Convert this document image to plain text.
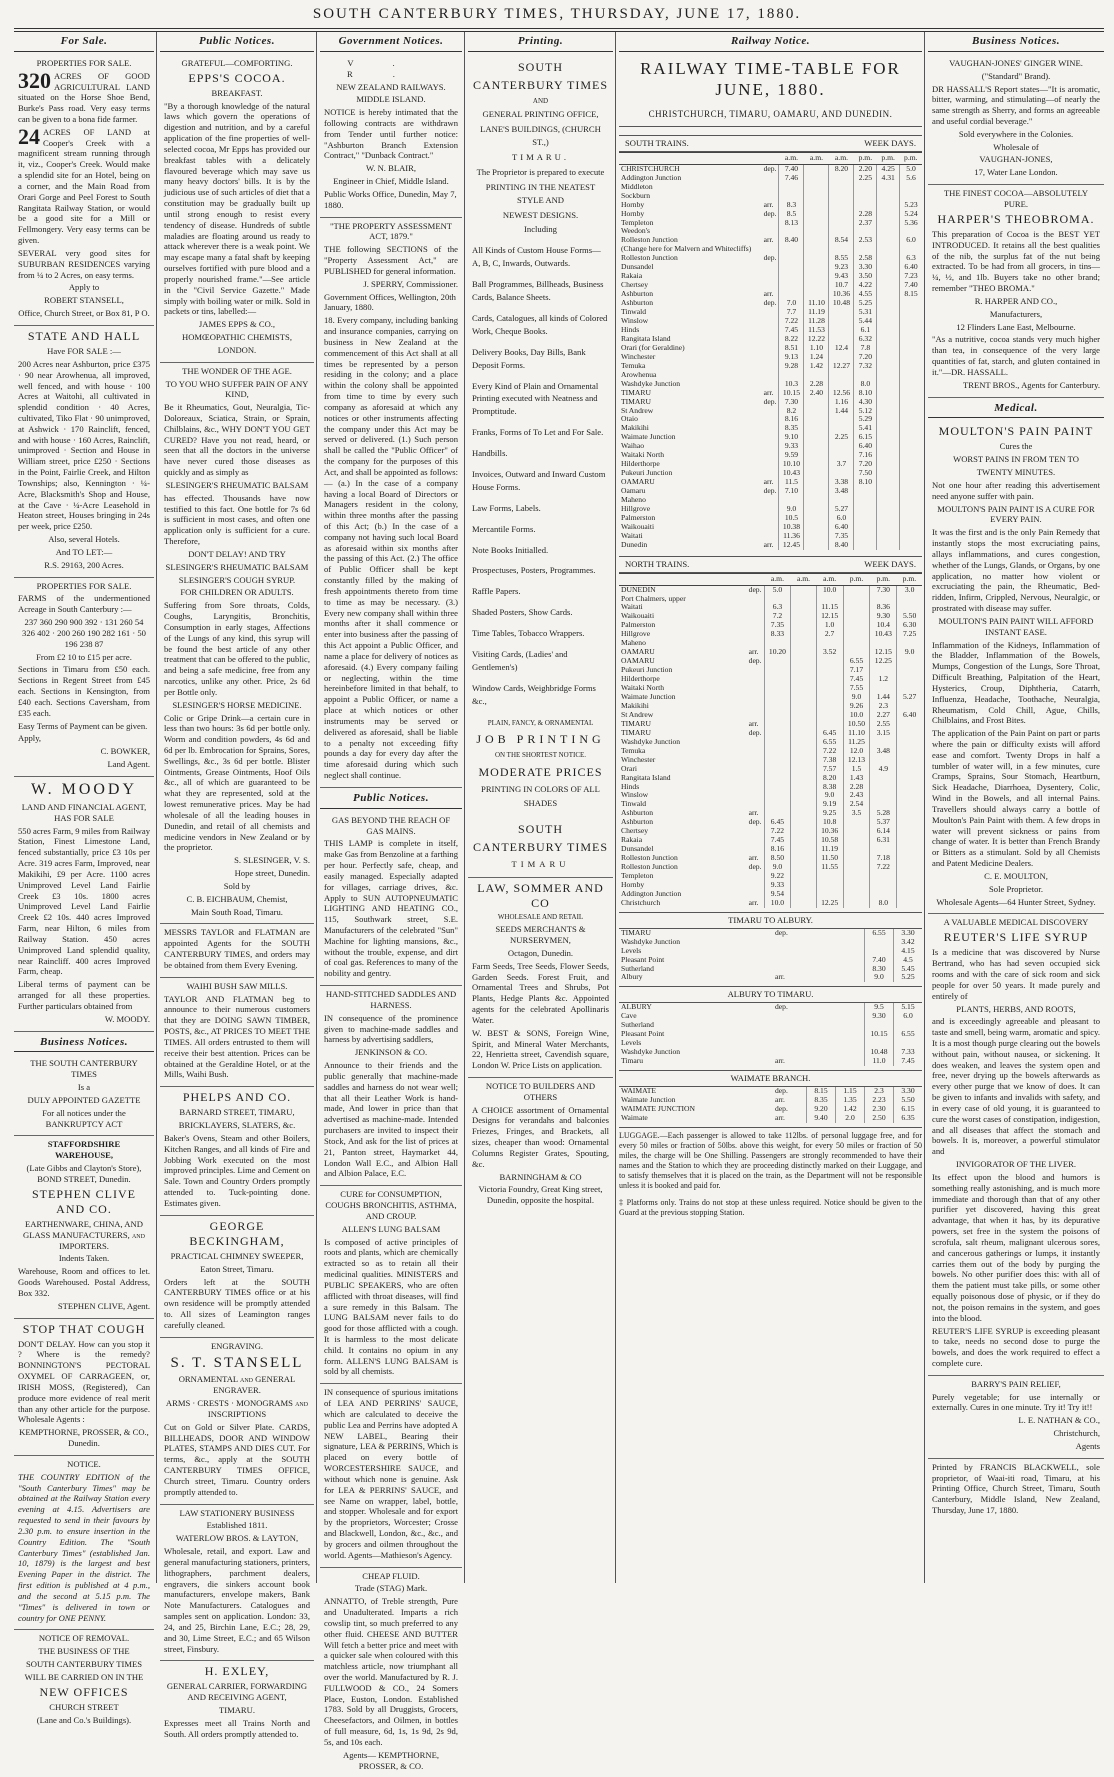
SOUTH CANTERBURY TIMES, THURSDAY, JUNE 17, 1880.
For Sale.

PROPERTIES FOR SALE.

320 ACRES OF GOOD AGRICULTURAL LAND situated on the Horse Shoe Bend, Burke's Pass road. Very easy terms can be given to a bona fide farmer.

24 ACRES OF LAND at Cooper's Creek with a magnificent stream running through it, viz., Cooper's Creek. Would make a splendid site for an Hotel, being on a corner, and the Main Road from Orari Gorge and Peel Forest to South Rangitata Railway Station, or would be a good site for a Mill or Fellmongery. Very easy terms can be given.

SEVERAL very good sites for SUBURBAN RESIDENCES varying from ¼ to 2 Acres, on easy terms.

Apply to

ROBERT STANSELL,

Office, Church Street, or Box 81, P O.

STATE AND HALL

Have FOR SALE :—

200 Acres near Ashburton, price £375 · 90 near Arowhenua, all improved, well fenced, and with house · 100 Acres at Waitohi, all cultivated in splendid condition · 40 Acres, cultivated, Tiko Flat · 90 unimproved, at Ashwick · 170 Rainclift, fenced, and with house · 160 Acres, Rainclift, unimproved · Section and House in William street, price £250 · Sections in the Point, Fairlie Creek, and Hilton Townships; also, Kennington · ¼-Acre, Blacksmith's Shop and House, at the Cave · ¼-Acre Leasehold in Heaton street, Houses bringing in 24s per week, price £250.

Also, several Hotels.

And TO LET:—

R.S. 29163, 200 Acres.

PROPERTIES FOR SALE.

FARMS of the undermentioned Acreage in South Canterbury :—

237 360 290 900 392 · 131 260 54 326 402 · 200 260 190 282 161 · 50 196 238 87

From £2 10 to £15 per acre.

Sections in Timaru from £50 each. Sections in Regent Street from £45 each. Sections in Kensington, from £40 each. Sections Caversham, from £35 each.

Easy Terms of Payment can be given.

Apply,

C. BOWKER,

Land Agent.

W. MOODY

LAND AND FINANCIAL AGENT, HAS FOR SALE

550 acres Farm, 9 miles from Railway Station, Finest Limestone Land, fenced substantially, price £3 10s per Acre. 319 acres Farm, Improved, near Makikihi, £9 per Acre. 1100 acres Unimproved Level Land Fairlie Creek £3 10s. 1800 acres Unimproved Level Land Fairlie Creek £2 10s. 440 acres Improved Farm, near Hilton, 6 miles from Railway Station. 450 acres Unimproved Land splendid quality, near Raincliff. 400 acres Improved Farm, cheap.

Liberal terms of payment can be arranged for all these properties. Further particulars obtained from

W. MOODY.

Business Notices.

THE SOUTH CANTERBURY TIMES

Is a

DULY APPOINTED GAZETTE

For all notices under the BANKRUPTCY ACT

STAFFORDSHIRE WAREHOUSE,

(Late Gibbs and Clayton's Store), BOND STREET, Dunedin.

STEPHEN CLIVE AND CO.

EARTHENWARE, CHINA, AND GLASS MANUFACTURERS, and IMPORTERS.

Indents Taken.

Warehouse, Room and offices to let. Goods Warehoused. Postal Address, Box 332.

STEPHEN CLIVE, Agent.

STOP THAT COUGH

DON'T DELAY. How can you stop it ? Where is the remedy? BONNINGTON'S PECTORAL OXYMEL OF CARRAGEEN, or, IRISH MOSS, (Registered), Can produce more evidence of real merit than any other article for the purpose. Wholesale Agents :

KEMPTHORNE, PROSSER, & CO., Dunedin.

NOTICE.

THE COUNTRY EDITION of the "South Canterbury Times" may be obtained at the Railway Station every evening at 4.15. Advertisers are requested to send in their favours by 2.30 p.m. to ensure insertion in the Country Edition. The "South Canterbury Times" (established Jan. 10, 1879) is the largest and best Evening Paper in the district. The first edition is published at 4 p.m., and the second at 5.15 p.m. The "Times" is delivered in town or country for ONE PENNY.

NOTICE OF REMOVAL.

THE BUSINESS OF THE

SOUTH CANTERBURY TIMES

WILL BE CARRIED ON IN THE

NEW OFFICES

CHURCH STREET

(Lane and Co.'s Buildings).

Public Notices.

GRATEFUL—COMFORTING.

EPPS'S COCOA.

BREAKFAST.

"By a thorough knowledge of the natural laws which govern the operations of digestion and nutrition, and by a careful application of the fine properties of well-selected cocoa, Mr Epps has provided our breakfast tables with a delicately flavoured beverage which may save us many heavy doctors' bills. It is by the judicious use of such articles of diet that a constitution may be gradually built up until strong enough to resist every tendency of disease. Hundreds of subtle maladies are floating around us ready to attack wherever there is a weak point. We may escape many a fatal shaft by keeping ourselves fortified with pure blood and a properly nourished frame."—See article in the "Civil Service Gazette." Made simply with boiling water or milk. Sold in packets or tins, labelled:—

JAMES EPPS & CO.,

HOMŒOPATHIC CHEMISTS,

LONDON.

THE WONDER OF THE AGE.

TO YOU WHO SUFFER PAIN OF ANY KIND,

Be it Rheumatics, Gout, Neuralgia, Tic-Doloreaux, Sciatica, Strain, or Sprain, Chilblains, &c., WHY DON'T YOU GET CURED? Have you not read, heard, or seen that all the doctors in the universe have never cured those diseases as quickly and as simply as

SLESINGER'S RHEUMATIC BALSAM

has effected. Thousands have now testified to this fact. One bottle for 7s 6d is sufficient in most cases, and often one application only is sufficient for a cure. Therefore,

DON'T DELAY! AND TRY

SLESINGER'S RHEUMATIC BALSAM

SLESINGER'S COUGH SYRUP.

FOR CHILDREN OR ADULTS.

Suffering from Sore throats, Colds, Coughs, Laryngitis, Bronchitis, Consumption in early stages, Affections of the Lungs of any kind, this syrup will be found the best article of any other treatment that can be offered to the public, and being a safe medicine, free from any narcotics, unlike any other. Price, 2s 6d per Bottle only.

SLESINGER'S HORSE MEDICINE.

Colic or Gripe Drink—a certain cure in less than two hours: 3s 6d per bottle only. Worm and condition powders, 4s 6d and 6d per lb. Embrocation for Sprains, Sores, Swellings, &c., 3s 6d per bottle. Blister Ointments, Grease Ointments, Hoof Oils &c., all of which are guaranteed to be what they are represented, sold at the lowest remunerative prices. May be had wholesale of all the leading houses in Dunedin, and retail of all chemists and medicine vendors in New Zealand or by the proprietor.

S. SLESINGER, V. S.

Hope street, Dunedin.

Sold by

C. B. EICHBAUM, Chemist,

Main South Road, Timaru.

MESSRS TAYLOR and FLATMAN are appointed Agents for the SOUTH CANTERBURY TIMES, and orders may be obtained from them Every Evening.

WAIHI BUSH SAW MILLS.

TAYLOR AND FLATMAN beg to announce to their numerous customers that they are DOING SAWN TIMBER, POSTS, &c., AT PRICES TO MEET THE TIMES. All orders entrusted to them will receive their best attention. Prices can be obtained at the Geraldine Hotel, or at the Mills, Waihi Bush.

PHELPS AND CO.

BARNARD STREET, TIMARU,

BRICKLAYERS, SLATERS, &c.

Baker's Ovens, Steam and other Boilers, Kitchen Ranges, and all kinds of Fire and Jobbing Work executed on the most improved principles. Lime and Cement on Sale. Town and Country Orders promptly attended to. Tuck-pointing done. Estimates given.

GEORGE BECKINGHAM,

PRACTICAL CHIMNEY SWEEPER,

Eaton Street, Timaru.

Orders left at the SOUTH CANTERBURY TIMES office or at his own residence will be promptly attended to. All sizes of Leamington ranges carefully cleaned.

ENGRAVING.

S. T. STANSELL

ORNAMENTAL and GENERAL ENGRAVER.

ARMS · CRESTS · MONOGRAMS and INSCRIPTIONS

Cut on Gold or Silver Plate. CARDS, BILLHEADS, DOOR AND WINDOW PLATES, STAMPS AND DIES CUT. For terms, &c., apply at the SOUTH CANTERBURY TIMES OFFICE, Church street, Timaru. Country orders promptly attended to.

LAW STATIONERY BUSINESS

Established 1811.

WATERLOW BROS. & LAYTON,

Wholesale, retail, and export. Law and general manufacturing stationers, printers, lithographers, parchment dealers, engravers, die sinkers account book manufacturers, envelope makers, Bank Note Manufacturers. Catalogues and samples sent on application. London: 33, 24, and 25, Birchin Lane, E.C.; 28, 29, and 30, Lime Street, E.C.; and 65 Wilson street, Finsbury.

H. EXLEY,

GENERAL CARRIER, FORWARDING AND RECEIVING AGENT,

TIMARU.

Expresses meet all Trains North and South. All orders promptly attended to.

Government Notices.

V. R.

NEW ZEALAND RAILWAYS.

MIDDLE ISLAND.

NOTICE is hereby intimated that the following contracts are withdrawn from Tender until further notice: "Ashburton Branch Extension Contract," "Dunback Contract."

W. N. BLAIR,

Engineer in Chief, Middle Island.

Public Works Office, Dunedin, May 7, 1880.

"THE PROPERTY ASSESSMENT ACT, 1879."

THE following SECTIONS of the "Property Assessment Act," are PUBLISHED for general information.

J. SPERRY, Commissioner.

Government Offices, Wellington, 20th January, 1880.

18. Every company, including banking and insurance companies, carrying on business in New Zealand at the commencement of this Act shall at all times be represented by a person residing in the colony; and a place within the colony shall be appointed from time to time by every such company as aforesaid at which any notices or other instruments affecting the company under this Act may be served or delivered. (1.) Such person shall be called the "Public Officer" of the company for the purposes of this Act, and shall be appointed as follows:— (a.) In the case of a company having a local Board of Directors or Managers resident in the colony, within three months after the passing of this Act; (b.) In the case of a company not having such local Board as aforesaid within six months after the passing of this Act. (2.) The office of Public Officer shall be kept constantly filled by the making of fresh appointments thereto from time to time as may be necessary. (3.) Every new company shall within three months after it shall commence or enter into business after the passing of this Act appoint a Public Officer, and name a place for delivery of notices as aforesaid. (4.) Every company failing or neglecting, within the time hereinbefore limited in that behalf, to appoint a Public Officer, or name a place at which notices or other instruments may be served or delivered as aforesaid, shall be liable to a penalty not exceeding fifty pounds a day for every day after the time aforesaid during which such neglect shall continue.

Public Notices.

GAS BEYOND THE REACH OF GAS MAINS.

THIS LAMP is complete in itself, make Gas from Benzoline at a farthing per hour. Perfectly safe, cheap, and easily managed. Especially adapted for villages, carriage drives, &c. Apply to SUN AUTOPNEUMATIC LIGHTING AND HEATING CO., 115, Southwark street, S.E. Manufacturers of the celebrated "Sun" Machine for lighting mansions, &c., without the trouble, expense, and dirt of coal gas. References to many of the nobility and gentry.

HAND-STITCHED SADDLES AND HARNESS.

IN consequence of the prominence given to machine-made saddles and harness by advertising saddlers,

JENKINSON & CO.

Announce to their friends and the public generally that machine-made saddles and harness do not wear well; that all their Leather Work is hand-made, And lower in price than that advertised as machine-made. Intended purchasers are invited to inspect their Stock, And ask for the list of prices at 21, Panton street, Haymarket 44, London Wall E.C., and Albion Hall and Albion Palace, E.C.

CURE for CONSUMPTION, COUGHS BRONCHITIS, ASTHMA, AND CROUP.

ALLEN'S LUNG BALSAM

Is composed of active principles of roots and plants, which are chemically extracted so as to retain all their medicinal qualities. MINISTERS and PUBLIC SPEAKERS, who are often afflicted with throat diseases, will find a sure remedy in this Balsam. The LUNG BALSAM never fails to do good for those afflicted with a cough. It is harmless to the most delicate child. It contains no opium in any form. ALLEN'S LUNG BALSAM is sold by all chemists.

IN consequence of spurious imitations of LEA AND PERRINS' SAUCE, which are calculated to deceive the public Lea and Perrins have adopted A NEW LABEL, Bearing their signature, LEA & PERRINS, Which is placed on every bottle of WORCESTERSHIRE SAUCE, and without which none is genuine. Ask for LEA & PERRINS' SAUCE, and see Name on wrapper, label, bottle, and stopper. Wholesale and for export by the proprietors, Worcester; Crosse and Blackwell, London, &c., &c., and by grocers and oilmen throughout the world. Agents—Mathieson's Agency.

CHEAP FLUID.

Trade (STAG) Mark.

ANNATTO, of Treble strength, Pure and Unadulterated. Imparts a rich cowslip tint, so much preferred to any other fluid. CHEESE AND BUTTER Will fetch a better price and meet with a quicker sale when coloured with this matchless article, now triumphant all over the world. Manufactured by R. J. FULLWOOD & CO., 24 Somers Place, Euston, London. Established 1783. Sold by all Druggists, Grocers, Cheesefactors, and Oilmen, in bottles of full measure, 6d, 1s, 1s 9d, 2s 9d, 5s, and 10s each.

Agents— KEMPTHORNE, PROSSER, & CO.

Printing.

SOUTH CANTERBURY TIMES

AND

GENERAL PRINTING OFFICE,

LANE'S BUILDINGS, (CHURCH ST.,)

TIMARU.

The Proprietor is prepared to execute

PRINTING IN THE NEATEST STYLE AND

NEWEST DESIGNS.

Including

All Kinds of Custom House Forms—A, B, C, Inwards, Outwards.

Ball Programmes, Billheads, Business Cards, Balance Sheets.

Cards, Catalogues, all kinds of Colored Work, Cheque Books.

Delivery Books, Day Bills, Bank Deposit Forms.

Every Kind of Plain and Ornamental Printing executed with Neatness and Promptitude.

Franks, Forms of To Let and For Sale.

Handbills.

Invoices, Outward and Inward Custom House Forms.

Law Forms, Labels.

Mercantile Forms.

Note Books Initialled.

Prospectuses, Posters, Programmes.

Raffle Papers.

Shaded Posters, Show Cards.

Time Tables, Tobacco Wrappers.

Visiting Cards, (Ladies' and Gentlemen's)

Window Cards, Weighbridge Forms &c.,

PLAIN, FANCY, & ORNAMENTAL

JOB PRINTING

ON THE SHORTEST NOTICE.

MODERATE PRICES

PRINTING IN COLORS OF ALL

SHADES

SOUTH CANTERBURY TIMES

TIMARU

LAW, SOMMER AND CO

WHOLESALE AND RETAIL

SEEDS MERCHANTS & NURSERYMEN,

Octagon, Dunedin.

Farm Seeds, Tree Seeds, Flower Seeds, Garden Seeds. Forest Fruit, and Ornamental Trees and Shrubs, Pot Plants, Hedge Plants &c. Appointed agents for the celebrated Apollinaris Water.

W. BEST & SONS, Foreign Wine, Spirit, and Mineral Water Merchants, 22, Henrietta street, Cavendish square, London W. Price Lists on application.

NOTICE TO BUILDERS AND OTHERS

A CHOICE assortment of Ornamental Designs for verandahs and balconies Friezes, Fringes, and Brackets, all sizes, cheaper than wood: Ornamental Columns Register Grates, Spouting, &c.

BARNINGHAM & CO

Victoria Foundry, Great King street, Dunedin, opposite the hospital.

Railway Notice.
RAILWAY TIME-TABLE FOR JUNE, 1880.
CHRISTCHURCH, TIMARU, OAMARU, AND DUNEDIN.
SOUTH TRAINS.	WEEK DAYS.
		a.m.	a.m.	a.m.	p.m.	p.m.	p.m.
CHRISTCHURCH	dep.	7.40		8.20	2.20	4.25	5.0
Addington Junction		7.46			2.25	4.31	5.6
Middleton							
Sockburn							
Hornby	arr.	8.3					5.23
Hornby	dep.	8.5			2.28		5.24
Templeton		8.13			2.37		5.36
Weedon's							
Rolleston Junction	arr.	8.40		8.54	2.53		6.0
(Change here for Malvern and Whitecliffs)							
Rolleston Junction	dep.			8.55	2.58		6.3
Dunsandel				9.23	3.30		6.40
Rakaia				9.43	3.50		7.23
Chertsey				10.7	4.22		7.40
Ashburton	arr.			10.36	4.55		8.15
Ashburton	dep.	7.0	11.10	10.48	5.25		
Tinwald		7.7	11.19		5.31		
Winslow		7.22	11.28		5.44		
Hinds		7.45	11.53		6.1		
Rangitata Island		8.22	12.22		6.32		
Orari (for Geraldine)		8.51	1.10	12.4	7.8		
Winchester		9.13	1.24		7.20		
Temuka		9.28	1.42	12.27	7.32		
Arowhenua							
Washdyke Junction		10.3	2.28		8.0		
TIMARU	arr.	10.15	2.40	12.56	8.10		
TIMARU	dep.	7.30		1.16	4.30		
St Andrew		8.2		1.44	5.12		
Otaio		8.16			5.29		
Makikihi		8.35			5.41		
Waimate Junction		9.10		2.25	6.15		
Waihao		9.33			6.40		
Waitaki North		9.59			7.16		
Hilderthorpe		10.10		3.7	7.20		
Pukeuri Junction		10.43			7.50		
OAMARU	arr.	11.5		3.38	8.10		
Oamaru	dep.	7.10		3.48			
Maheno							
Hillgrove		9.0		5.27			
Palmerston		10.5		6.0			
Waikouaiti		10.38		6.40			
Waitati		11.36		7.35			
Dunedin	arr.	12.45		8.40			
NORTH TRAINS.	WEEK DAYS.
		a.m.	a.m.	a.m.	p.m.	p.m.	p.m.
DUNEDIN	dep.	5.0		10.0		7.30	3.0
Port Chalmers, upper							
Waitati		6.3		11.15		8.36	
Waikouaiti		7.2		12.15		9.30	5.50
Palmerston		7.35		1.0		10.4	6.30
Hillgrove		8.33		2.7		10.43	7.25
Maheno							
OAMARU	arr.	10.20		3.52		12.15	9.0
OAMARU	dep.				6.55	12.25	
Pukeuri Junction					7.17		
Hilderthorpe					7.45	1.2	
Waitaki North					7.55		
Waimate Junction					9.0	1.44	5.27
Makikihi					9.26	2.3	
St Andrew					10.0	2.27	6.40
TIMARU	arr.				10.50	2.55	
TIMARU	dep.			6.45	11.10	3.15	
Washdyke Junction				6.55	11.25		
Temuka				7.22	12.0	3.48	
Winchester				7.38	12.13		
Orari				7.57	1.5	4.9	
Rangitata Island				8.20	1.43		
Hinds				8.38	2.28		
Winslow				9.0	2.43		
Tinwald				9.19	2.54		
Ashburton	arr.			9.25	3.5	5.28	
Ashburton	dep.	6.45		10.8		5.37	
Chertsey		7.22		10.36		6.14	
Rakaia		7.45		10.58		6.31	
Dunsandel		8.16		11.19			
Rolleston Junction	arr.	8.50		11.50		7.18	
Rolleston Junction	dep.	9.0		11.55		7.22	
Templeton		9.22					
Hornby		9.33					
Addington Junction		9.54					
Christchurch	arr.	10.0		12.25		8.0	
TIMARU TO ALBURY.
TIMARU	dep.	6.55	3.30
Washdyke Junction			3.42
Levels			4.15
Pleasant Point		7.40	4.5
Sutherland		8.30	5.45
Albury	arr.	9.0	5.25
ALBURY TO TIMARU.
ALBURY	dep.	9.5	5.15
Cave		9.30	6.0
Sutherland			
Pleasant Point		10.15	6.55
Levels			
Washdyke Junction		10.48	7.33
Timaru	arr.	11.0	7.45
WAIMATE BRANCH.
WAIMATE	dep.	8.15	1.15	2.3	3.30
Waimate Junction	arr.	8.35	1.35	2.23	5.50
WAIMATE JUNCTION	dep.	9.20	1.42	2.30	6.15
Waimate	arr.	9.40	2.0	2.50	6.35
LUGGAGE.—Each passenger is allowed to take 112lbs. of personal luggage free, and for every 50 miles or fraction of 50lbs. above this weight, for every 50 miles or fraction of 50 miles, the charge will be One Shilling. Passengers are strongly recommended to have their names and the Station to which they are proceeding distinctly marked on their Luggage, and to satisfy themselves that it is placed on the train, as the Department will not be responsible unless it is booked and paid for.
‡ Platforms only. Trains do not stop at these unless required. Notice should be given to the Guard at the previous stopping Station.
Business Notices.

VAUGHAN-JONES' GINGER WINE.

("Standard" Brand).

DR HASSALL'S Report states—"It is aromatic, bitter, warming, and stimulating—of nearly the same strength as Sherry, and forms an agreeable and useful cordial beverage."

Sold everywhere in the Colonies.

Wholesale of

VAUGHAN-JONES,

17, Water Lane London.

THE FINEST COCOA—ABSOLUTELY PURE.

HARPER'S THEOBROMA.

This preparation of Cocoa is the BEST YET INTRODUCED. It retains all the best qualities of the nib, the surplus fat of the nut being extracted. To be had from all grocers, in tins—¼, ½, and 1lb. Buyers take no other brand; remember "THEO BROMA."

R. HARPER AND CO.,

Manufacturers,

12 Flinders Lane East, Melbourne.

"As a nutritive, cocoa stands very much higher than tea, in consequence of the very large quantities of fat, starch, and gluten contained in it."—DR. HASSALL.

TRENT BROS., Agents for Canterbury.

Medical.

MOULTON'S PAIN PAINT

Cures the

WORST PAINS IN FROM TEN TO

TWENTY MINUTES.

Not one hour after reading this advertisement need anyone suffer with pain.

MOULTON'S PAIN PAINT IS A CURE FOR EVERY PAIN.

It was the first and is the only Pain Remedy that instantly stops the most excruciating pains, allays inflammations, and cures congestion, whether of the Lungs, Glands, or Organs, by one application, no matter how violent or excruciating the pain, the Rheumatic, Bed-ridden, Infirm, Crippled, Nervous, Neuralgic, or prostrated with disease may suffer.

MOULTON'S PAIN PAINT WILL AFFORD INSTANT EASE.

Inflammation of the Kidneys, Inflammation of the Bladder, Inflammation of the Bowels, Mumps, Congestion of the Lungs, Sore Throat, Difficult Breathing, Palpitation of the Heart, Hysterics, Croup, Diphtheria, Catarrh, Influenza, Headache, Toothache, Neuralgia, Rheumatism, Cold Chill, Ague, Chills, Chilblains, and Frost Bites.

The application of the Pain Paint on part or parts where the pain or difficulty exists will afford ease and comfort. Twenty Drops in half a tumbler of water will, in a few minutes, cure Cramps, Sprains, Sour Stomach, Heartburn, Sick Headache, Diarrhoea, Dysentery, Colic, Wind in the Bowels, and all internal Pains. Travellers should always carry a bottle of Moulton's Pain Paint with them. A few drops in water will prevent sickness or pains from change of water. It is better than French Brandy or Bitters as a stimulant. Sold by all Chemists and Patent Medicine Dealers.

C. E. MOULTON,

Sole Proprietor.

Wholesale Agents—64 Hunter Street, Sydney.

A VALUABLE MEDICAL DISCOVERY

REUTER'S LIFE SYRUP

Is a medicine that was discovered by Nurse Bertrand, who has had seven occupied sick rooms and with the care of sick room and sick people for over 50 years. It made purely and entirely of

PLANTS, HERBS, AND ROOTS,

and is exceedingly agreeable and pleasant to taste and smell, being warm, aromatic and spicy. It is a most though purge clearing out the bowels without pain, without nausea, or sickening. It does weaken, and leaves the system open and free, never drying up the bowels afterwards as every other purge that we know of does. It can be given to infants and invalids with safety, and in every case of old young, it is guaranteed to cure the worst cases of constipation, indigestion, and all diseases that affect the stomach and bowels. It is, moreover, a powerful stimulator and

INVIGORATOR OF THE LIVER.

Its effect upon the blood and humors is something really astonishing, and is much more immediate and thorough than that of any other purifier yet discovered, having this great advantage, that when it has, by its depurative powers, set free in the system the poisons of scrofula, salt rheum, malignant ulcerous sores, and cancerous gatherings or lumps, it instantly carries them out of the body by purging the bowels. No other purifier does this: with all of them the patient must take pills, or some other equally poisonous dose of physic, or if they do not, the poison remains in the system, and goes into the blood.

REUTER'S LIFE SYRUP is exceeding pleasant to take, needs no second dose to purge the bowels, and does the work required to effect a complete cure.

BARRY'S PAIN RELIEF,

Purely vegetable; for use internally or externally. Cures in one minute. Try it! Try it!!

L. E. NATHAN & CO.,

Christchurch,

Agents

Printed by FRANCIS BLACKWELL, sole proprietor, of Waai-iti road, Timaru, at his Printing Office, Church Street, Timaru, South Canterbury, Middle Island, New Zealand, Thursday, June 17, 1880.
